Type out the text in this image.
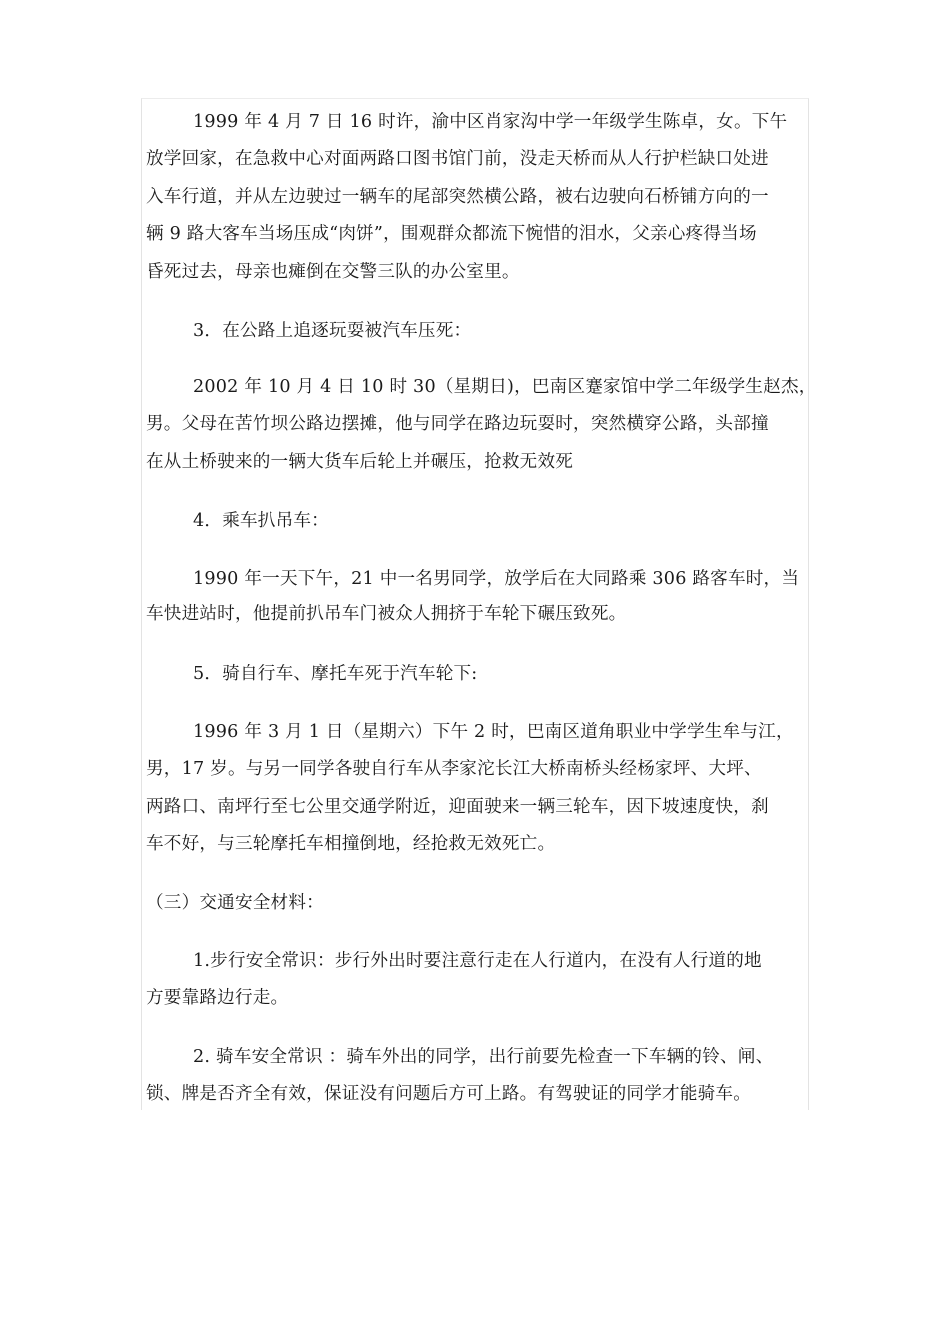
1999 年 4 月 7 日 16 时许，渝中区肖家沟中学一年级学生陈卓，女。下午
放学回家，在急救中心对面两路口图书馆门前，没走天桥而从人行护栏缺口处进
入车行道，并从左边驶过一辆车的尾部突然横公路，被右边驶向石桥铺方向的一
辆 9 路大客车当场压成“肉饼”，围观群众都流下惋惜的泪水，父亲心疼得当场
昏死过去，母亲也瘫倒在交警三队的办公室里。
3．在公路上追逐玩耍被汽车压死：
2002 年 10 月 4 日 10 时 30（星期日)，巴南区蹇家馆中学二年级学生赵杰，
男。父母在苦竹坝公路边摆摊，他与同学在路边玩耍时，突然横穿公路，头部撞
在从土桥驶来的一辆大货车后轮上并碾压，抢救无效死
4．乘车扒吊车：
1990 年一天下午，21 中一名男同学，放学后在大同路乘 306 路客车时，当
车快进站时，他提前扒吊车门被众人拥挤于车轮下碾压致死。
5．骑自行车、摩托车死于汽车轮下:
1996 年 3 月 1 日（星期六）下午 2 时，巴南区道角职业中学学生牟与江，
男，17 岁。与另一同学各驶自行车从李家沱长江大桥南桥头经杨家坪、大坪、
两路口、南坪行至七公里交通学附近，迎面驶来一辆三轮车，因下坡速度快，刹
车不好，与三轮摩托车相撞倒地，经抢救无效死亡。
（三）交通安全材料：
1.步行安全常识：步行外出时要注意行走在人行道内，在没有人行道的地
方要靠路边行走。
2. 骑车安全常识 ：骑车外出的同学，出行前要先检查一下车辆的铃、闸、
锁、牌是否齐全有效，保证没有问题后方可上路。有驾驶证的同学才能骑车。
